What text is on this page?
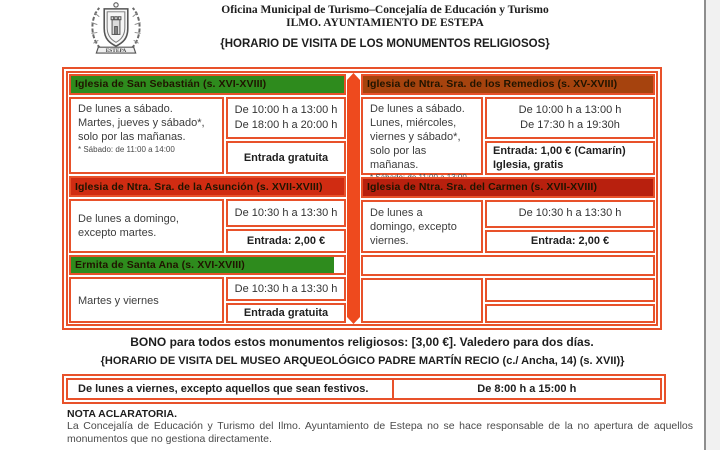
ESTEPA
Oficina Municipal de Turismo–Concejalía de Educación y Turismo
ILMO. AYUNTAMIENTO DE ESTEPA
{HORARIO DE VISITA DE LOS MONUMENTOS RELIGIOSOS}
Iglesia de San Sebastián (s. XVI-XVIII)
De lunes a sábado. Martes, jueves y sábado*, solo por las mañanas.
* Sábado: de 11:00 a 14:00
De 10:00 h a 13:00 h
De 18:00 h a 20:00 h
Entrada gratuita
Iglesia de Ntra. Sra. de la Asunción (s. XVII-XVIII)
De lunes a domingo, excepto martes.
De 10:30 h a 13:30 h
Entrada: 2,00 €
Ermita de Santa Ana (s. XVI-XVIII)
Martes y viernes
De 10:30 h a 13:30 h
Entrada gratuita
Iglesia de Ntra. Sra. de los Remedios (s. XV-XVIII)
De lunes a sábado. Lunes, miércoles, viernes y sábado*, solo por las mañanas.
De 10:00 h a 13:00 h
De 17:30 h a 19:30h
Entrada: 1,00 € (Camarín)
Iglesia, gratis
Iglesia de Ntra. Sra. del Carmen (s. XVII-XVIII)
De lunes a domingo, excepto viernes.
De 10:30 h a 13:30 h
Entrada: 2,00 €
BONO para todos estos monumentos religiosos: [3,00 €]. Valedero para dos días.
{HORARIO DE VISITA DEL MUSEO ARQUEOLÓGICO PADRE MARTÍN RECIO (c./ Ancha, 14) (s. XVII)}
De lunes a viernes, excepto aquellos que sean festivos.	De 8:00 h a 15:00 h
NOTA ACLARATORIA.
La Concejalía de Educación y Turismo del Ilmo. Ayuntamiento de Estepa no se hace responsable de la no apertura de aquellos monumentos que no gestiona directamente.
